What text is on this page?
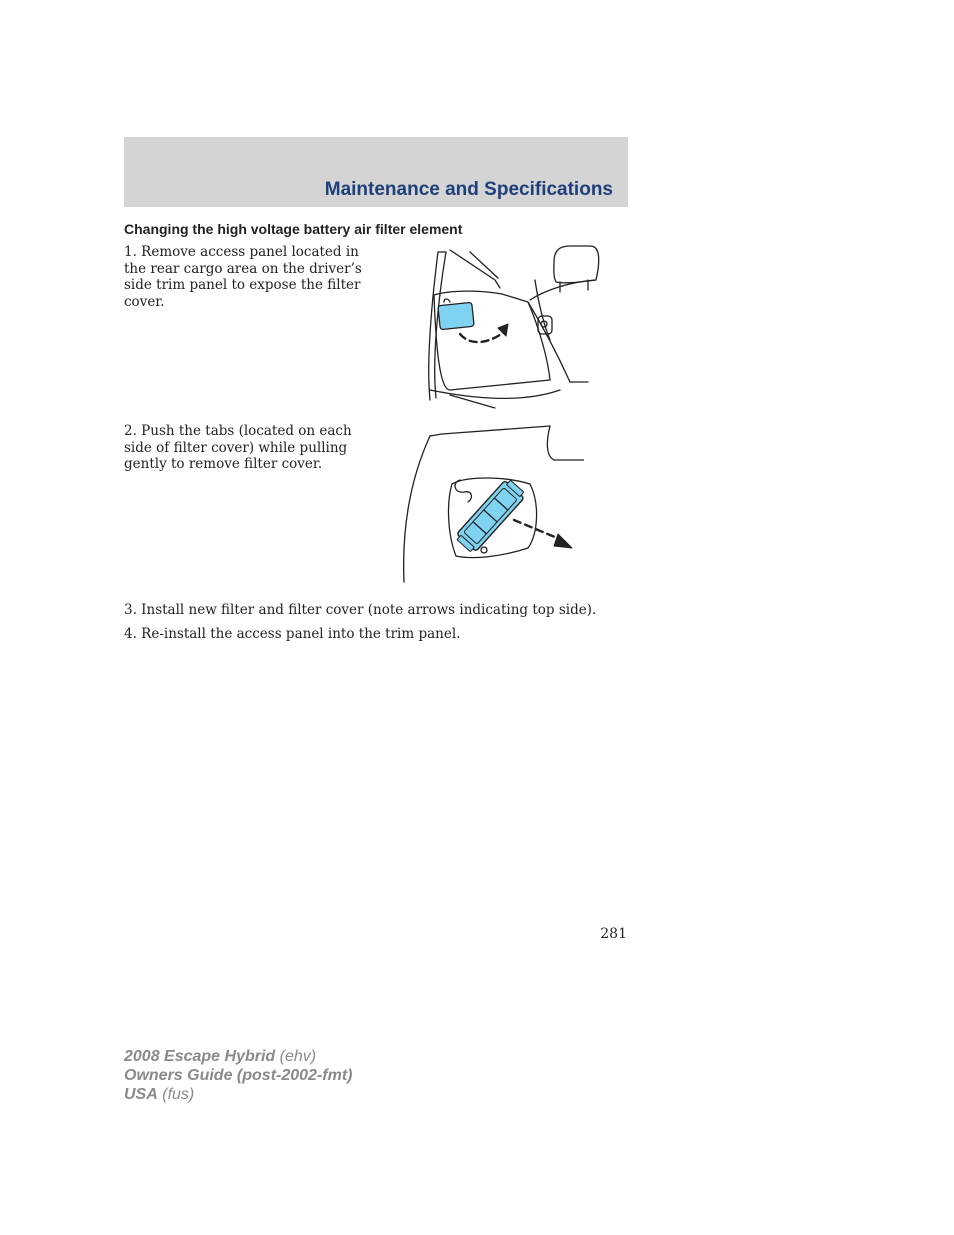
Maintenance and Specifications
Changing the high voltage battery air filter element

1. Remove access panel located in the rear cargo area on the driver’s side trim panel to expose the filter cover.

2. Push the tabs (located on each side of filter cover) while pulling gently to remove filter cover.

3. Install new filter and filter cover (note arrows indicating top side).

4. Re-install the access panel into the trim panel.

281
2008 Escape Hybrid (ehv)
Owners Guide (post-2002-fmt)
USA (fus)
